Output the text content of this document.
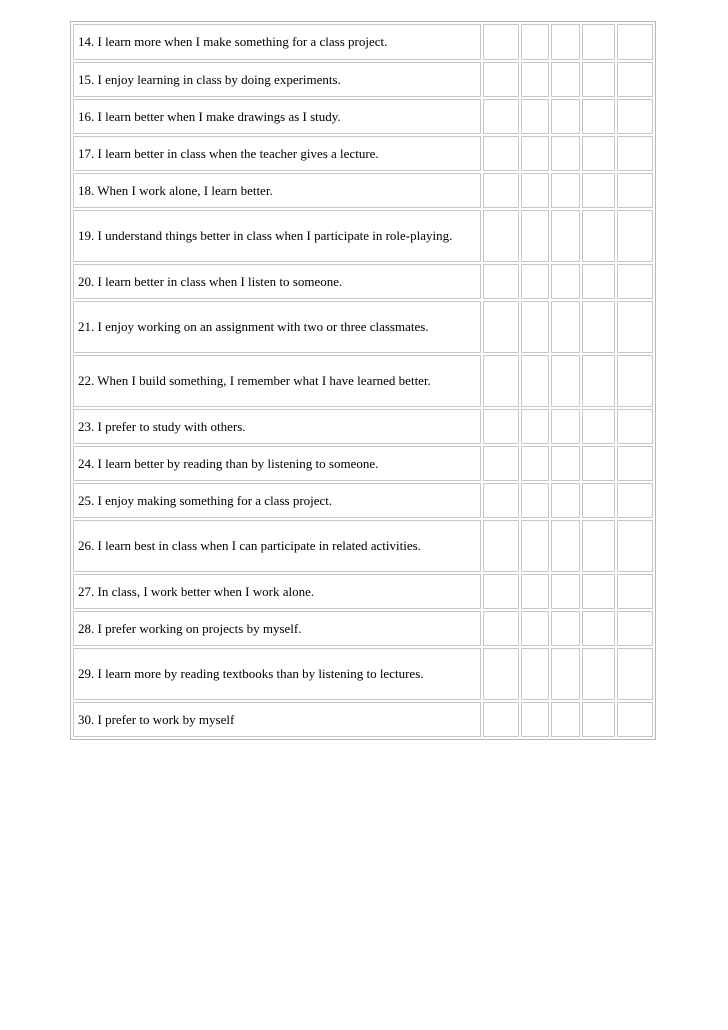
14. I learn more when I make something for a class project.					
15. I enjoy learning in class by doing experiments.					
16. I learn better when I make drawings as I study.					
17. I learn better in class when the teacher gives a lecture.					
18. When I work alone, I learn better.					
19. I understand things better in class when I participate in role-playing.					
20. I learn better in class when I listen to someone.					
21. I enjoy working on an assignment with two or three classmates.					
22. When I build something, I remember what I have learned better.					
23. I prefer to study with others.					
24. I learn better by reading than by listening to someone.					
25. I enjoy making something for a class project.					
26. I learn best in class when I can participate in related activities.					
27. In class, I work better when I work alone.					
28. I prefer working on projects by myself.					
29. I learn more by reading textbooks than by listening to lectures.					
30. I prefer to work by myself					
